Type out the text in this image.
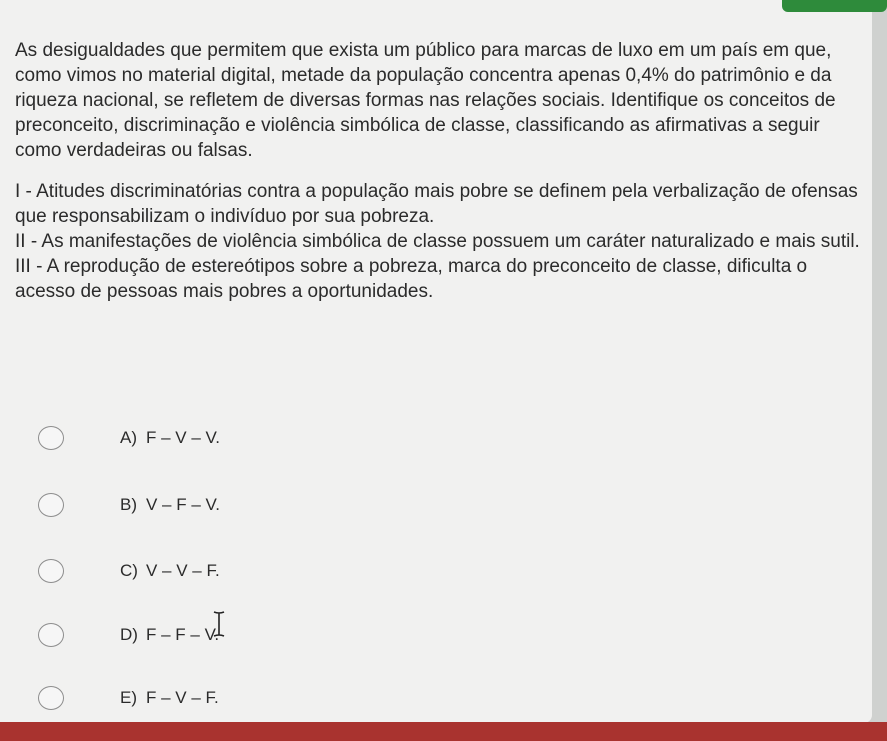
As desigualdades que permitem que exista um público para marcas de luxo em um país em que, como vimos no material digital, metade da população concentra apenas 0,4% do patrimônio e da riqueza nacional, se refletem de diversas formas nas relações sociais. Identifique os conceitos de preconceito, discriminação e violência simbólica de classe, classificando as afirmativas a seguir como verdadeiras ou falsas.

I - Atitudes discriminatórias contra a população mais pobre se definem pela verbalização de ofensas que responsabilizam o indivíduo por sua pobreza.

II - As manifestações de violência simbólica de classe possuem um caráter naturalizado e mais sutil.

III - A reprodução de estereótipos sobre a pobreza, marca do preconceito de classe, dificulta o acesso de pessoas mais pobres a oportunidades.

A) F – V – V.
B) V – F – V.
C) V – V – F.
D) F – F – V.
E) F – V – F.
